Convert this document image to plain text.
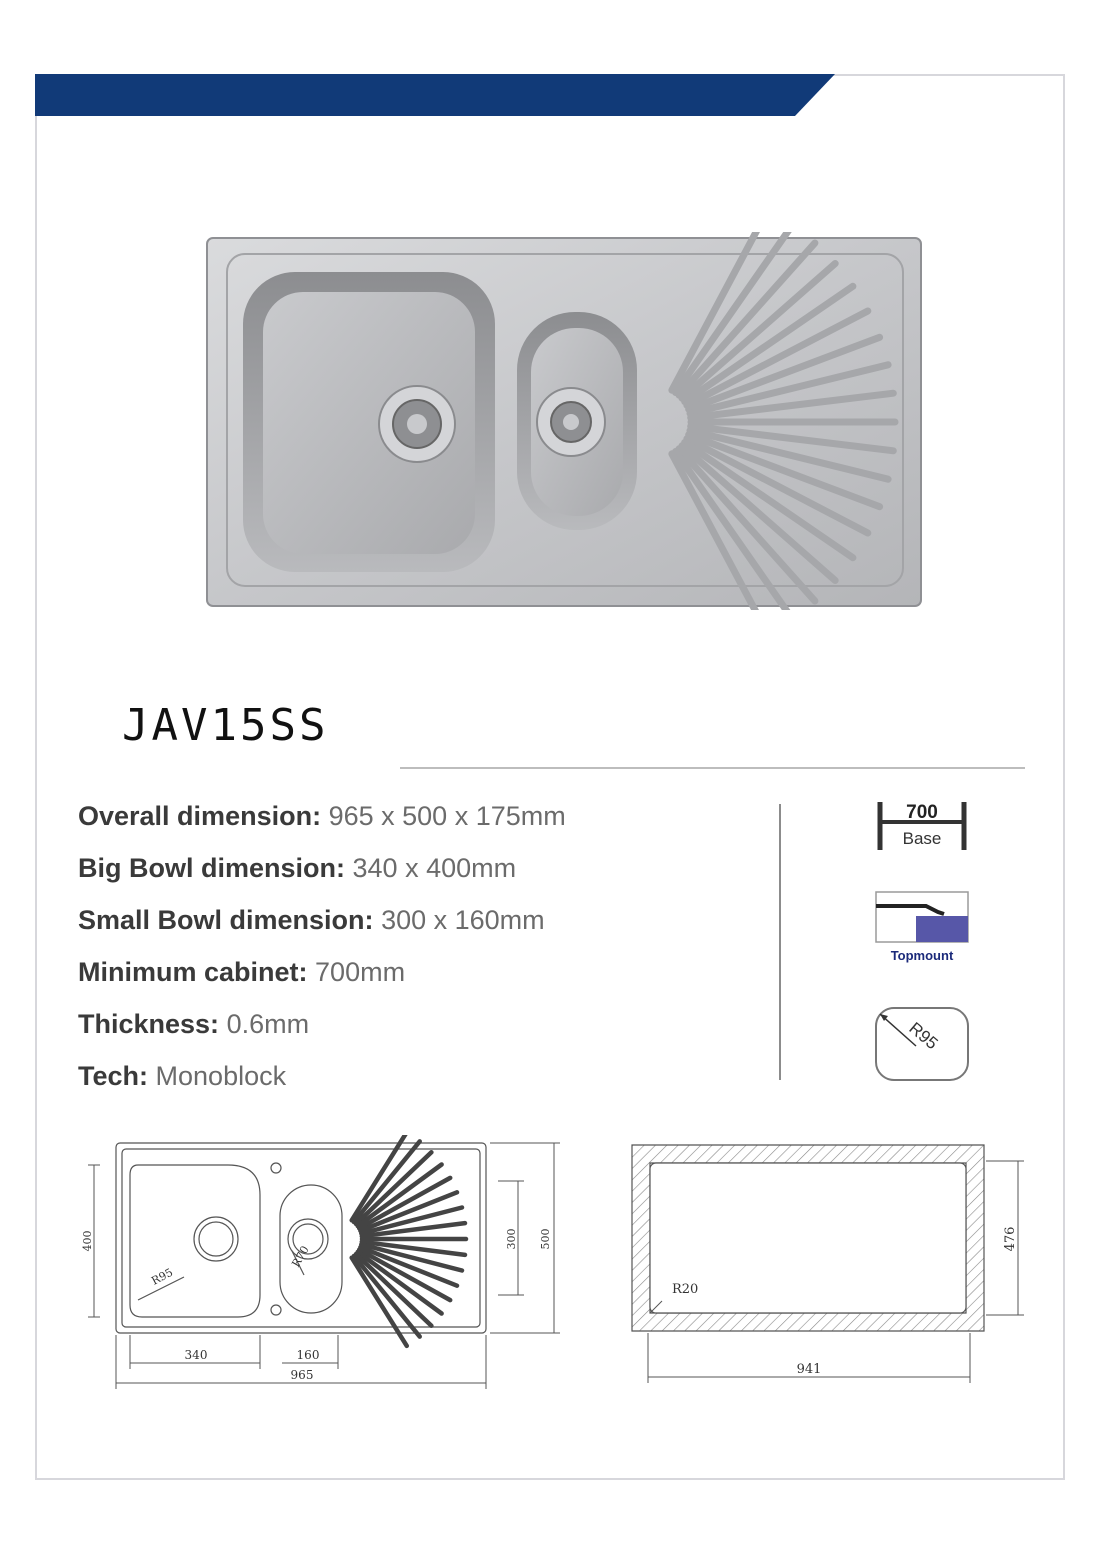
JAV15SS
Overall dimension: 965 x 500 x 175mm
Big Bowl dimension: 340 x 400mm
Small Bowl dimension: 300 x 160mm
Minimum cabinet: 700mm
Thickness: 0.6mm
Tech: Monoblock
700
Base
Topmount
R95
400	300 500
340	160
965
R95
R70
R20
476
941
